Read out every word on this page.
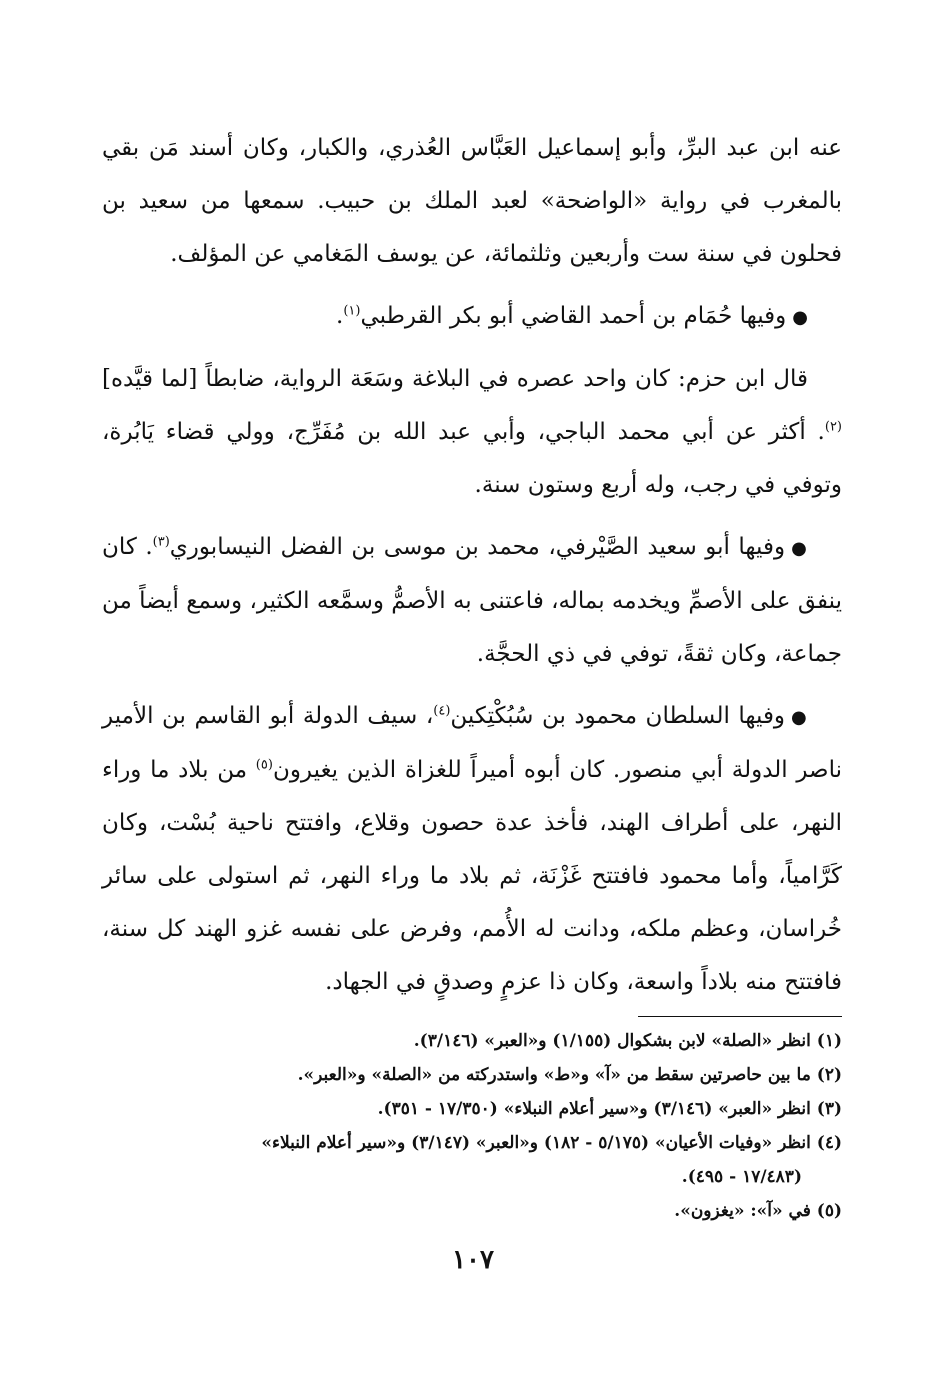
عنه ابن عبد البرِّ، وأبو إسماعيل العَبَّاس العُذري، والكبار، وكان أسند مَن بقي بالمغرب في رواية «الواضحة» لعبد الملك بن حبيب. سمعها من سعيد بن فحلون في سنة ست وأربعين وثلثمائة، عن يوسف المَغامي عن المؤلف.

●وفيها حُمَام بن أحمد القاضي أبو بكر القرطبي$^{(١)}$.

قال ابن حزم: كان واحد عصره في البلاغة وسَعَة الرواية، ضابطاً [لما قيَّده]$^{(٢)}$. أكثر عن أبي محمد الباجي، وأبي عبد الله بن مُفَرِّج، وولي قضاء يَابُرة، وتوفي في رجب، وله أربع وستون سنة.

●وفيها أبو سعيد الصَّيْرفي، محمد بن موسى بن الفضل النيسابوري$^{(٣)}$. كان ينفق على الأصمِّ ويخدمه بماله، فاعتنى به الأصمُّ وسمَّعه الكثير، وسمع أيضاً من جماعة، وكان ثقةً، توفي في ذي الحجَّة.

●وفيها السلطان محمود بن سُبُكْتِكين$^{(٤)}$، سيف الدولة أبو القاسم بن الأمير ناصر الدولة أبي منصور. كان أبوه أميراً للغزاة الذين يغيرون$^{(٥)}$ من بلاد ما وراء النهر، على أطراف الهند، فأخذ عدة حصون وقلاع، وافتتح ناحية بُسْت، وكان كَرَّامياً، وأما محمود فافتتح غَزْنَة، ثم بلاد ما وراء النهر، ثم استولى على سائر خُراسان، وعظم ملكه، ودانت له الأُمم، وفرض على نفسه غزو الهند كل سنة، فافتتح منه بلاداً واسعة، وكان ذا عزمٍ وصدقٍ في الجهاد.

(١) انظر «الصلة» لابن بشكوال (١/١٥٥) و«العبر» (٣/١٤٦).

(٢) ما بين حاصرتين سقط من «آ» و«ط» واستدركته من «الصلة» و«العبر».

(٣) انظر «العبر» (٣/١٤٦) و«سير أعلام النبلاء» (١٧/٣٥٠ - ٣٥١).

(٤) انظر «وفيات الأعيان» (٥/١٧٥ - ١٨٢) و«العبر» (٣/١٤٧) و«سير أعلام النبلاء»

(١٧/٤٨٣ - ٤٩٥).

(٥) في «آ»: «يغزون».

١٠٧
